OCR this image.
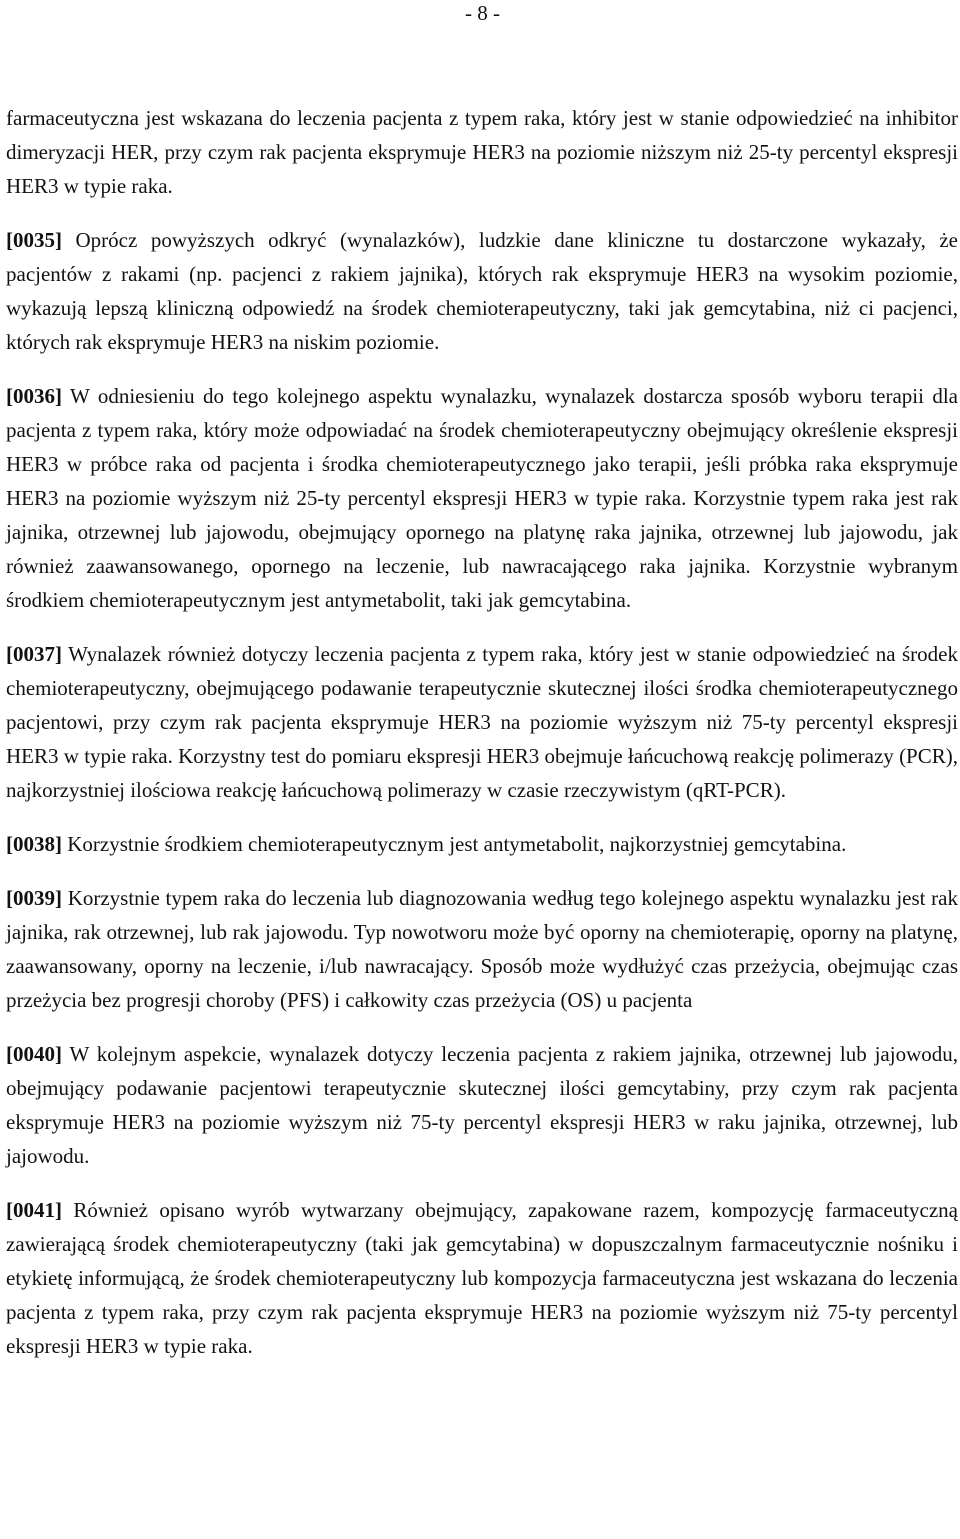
- 8 -

farmaceutyczna jest wskazana do leczenia pacjenta z typem raka, który jest w stanie odpowiedzieć na inhibitor dimeryzacji HER, przy czym rak pacjenta eksprymuje HER3 na poziomie niższym niż 25-ty percentyl ekspresji HER3 w typie raka.

[0035] Oprócz powyższych odkryć (wynalazków), ludzkie dane kliniczne tu dostarczone wykazały, że pacjentów z rakami (np. pacjenci z rakiem jajnika), których rak eksprymuje HER3 na wysokim poziomie, wykazują lepszą kliniczną odpowiedź na środek chemioterapeutyczny, taki jak gemcytabina, niż ci pacjenci, których rak eksprymuje HER3 na niskim poziomie.

[0036] W odniesieniu do tego kolejnego aspektu wynalazku, wynalazek dostarcza sposób wyboru terapii dla pacjenta z typem raka, który może odpowiadać na środek chemioterapeutyczny obejmujący określenie ekspresji HER3 w próbce raka od pacjenta i środka chemioterapeutycznego jako terapii, jeśli próbka raka eksprymuje HER3 na poziomie wyższym niż 25-ty percentyl ekspresji HER3 w typie raka. Korzystnie typem raka jest rak jajnika, otrzewnej lub jajowodu, obejmujący opornego na platynę raka jajnika, otrzewnej lub jajowodu, jak również zaawansowanego, opornego na leczenie, lub nawracającego raka jajnika. Korzystnie wybranym środkiem chemioterapeutycznym jest antymetabolit, taki jak gemcytabina.

[0037] Wynalazek również dotyczy leczenia pacjenta z typem raka, który jest w stanie odpowiedzieć na środek chemioterapeutyczny, obejmującego podawanie terapeutycznie skutecznej ilości środka chemioterapeutycznego pacjentowi, przy czym rak pacjenta eksprymuje HER3 na poziomie wyższym niż 75-ty percentyl ekspresji HER3 w typie raka. Korzystny test do pomiaru ekspresji HER3 obejmuje łańcuchową reakcję polimerazy (PCR), najkorzystniej ilościowa reakcję łańcuchową polimerazy w czasie rzeczywistym (qRT-PCR).

[0038] Korzystnie środkiem chemioterapeutycznym jest antymetabolit, najkorzystniej gemcytabina.

[0039] Korzystnie typem raka do leczenia lub diagnozowania według tego kolejnego aspektu wynalazku jest rak jajnika, rak otrzewnej, lub rak jajowodu. Typ nowotworu może być oporny na chemioterapię, oporny na platynę, zaawansowany, oporny na leczenie, i/lub nawracający. Sposób może wydłużyć czas przeżycia, obejmując czas przeżycia bez progresji choroby (PFS) i całkowity czas przeżycia (OS) u pacjenta

[0040] W kolejnym aspekcie, wynalazek dotyczy leczenia pacjenta z rakiem jajnika, otrzewnej lub jajowodu, obejmujący podawanie pacjentowi terapeutycznie skutecznej ilości gemcytabiny, przy czym rak pacjenta eksprymuje HER3 na poziomie wyższym niż 75-ty percentyl ekspresji HER3 w raku jajnika, otrzewnej, lub jajowodu.

[0041] Również opisano wyrób wytwarzany obejmujący, zapakowane razem, kompozycję farmaceutyczną zawierającą środek chemioterapeutyczny (taki jak gemcytabina) w dopuszczalnym farmaceutycznie nośniku i etykietę informującą, że środek chemioterapeutyczny lub kompozycja farmaceutyczna jest wskazana do leczenia pacjenta z typem raka, przy czym rak pacjenta eksprymuje HER3 na poziomie wyższym niż 75-ty percentyl ekspresji HER3 w typie raka.
